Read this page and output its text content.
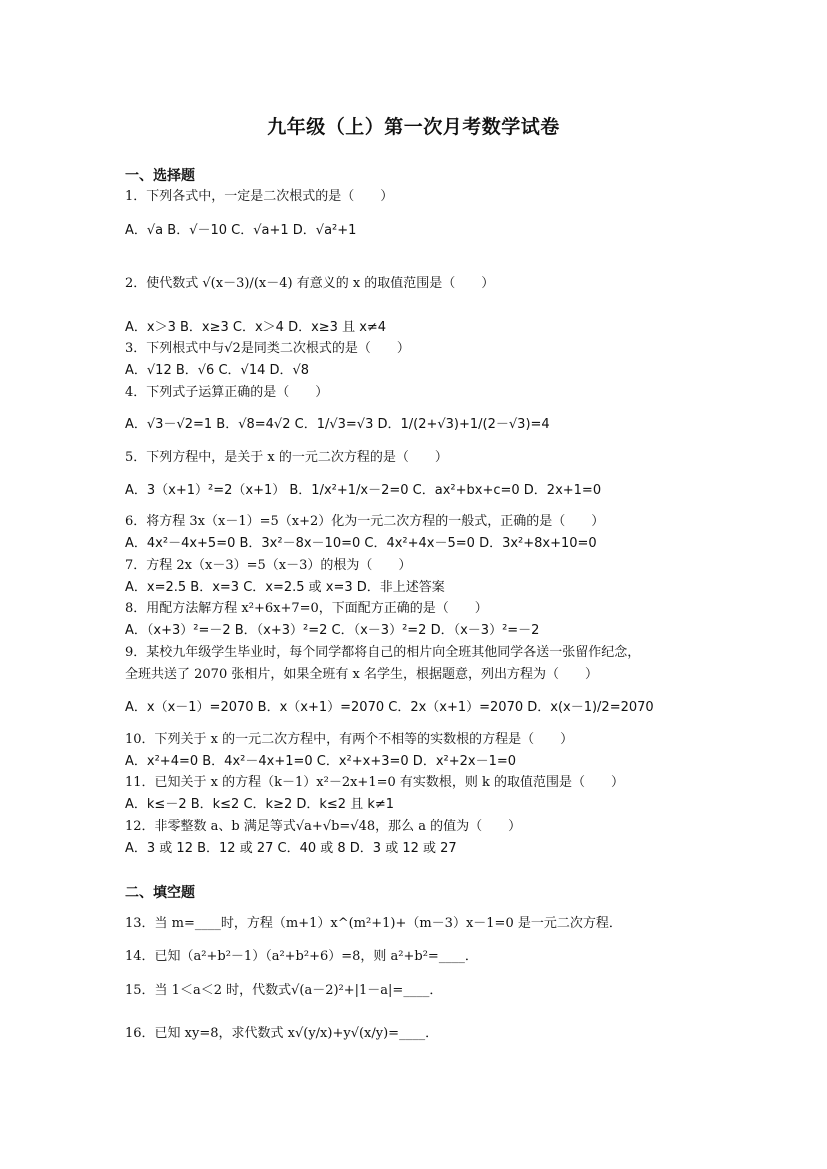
九年级（上）第一次月考数学试卷
一、选择题
1．下列各式中，一定是二次根式的是（　　）
A．√a B．√－10 C．√a+1 D．√a²+1
2．使代数式 √(x－3)/(x－4) 有意义的 x 的取值范围是（　　）
A．x＞3 B．x≥3 C．x＞4 D．x≥3 且 x≠4
3．下列根式中与√2是同类二次根式的是（　　）
A．√12 B．√6 C．√14 D．√8
4．下列式子运算正确的是（　　）
A．√3－√2=1 B．√8=4√2 C．1/√3=√3 D．1/(2+√3)+1/(2－√3)=4
5．下列方程中，是关于 x 的一元二次方程的是（　　）
A．3（x+1）²=2（x+1） B．1/x²+1/x－2=0 C．ax²+bx+c=0 D．2x+1=0
6．将方程 3x（x－1）=5（x+2）化为一元二次方程的一般式，正确的是（　　）
A．4x²－4x+5=0 B．3x²－8x－10=0 C．4x²+4x－5=0 D．3x²+8x+10=0
7．方程 2x（x－3）=5（x－3）的根为（　　）
A．x=2.5 B．x=3 C．x=2.5 或 x=3 D．非上述答案
8．用配方法解方程 x²+6x+7=0，下面配方正确的是（　　）
A．（x+3）²=－2 B．（x+3）²=2 C．（x－3）²=2 D．（x－3）²=－2
9．某校九年级学生毕业时，每个同学都将自己的相片向全班其他同学各送一张留作纪念，
全班共送了 2070 张相片，如果全班有 x 名学生，根据题意，列出方程为（　　）
A．x（x－1）=2070 B．x（x+1）=2070 C．2x（x+1）=2070 D．x(x－1)/2=2070
10．下列关于 x 的一元二次方程中，有两个不相等的实数根的方程是（　　）
A．x²+4=0 B．4x²－4x+1=0 C．x²+x+3=0 D．x²+2x－1=0
11．已知关于 x 的方程（k－1）x²－2x+1=0 有实数根，则 k 的取值范围是（　　）
A．k≤－2 B．k≤2 C．k≥2 D．k≤2 且 k≠1
12．非零整数 a、b 满足等式√a+√b=√48，那么 a 的值为（　　）
A．3 或 12 B．12 或 27 C．40 或 8 D．3 或 12 或 27
二、填空题
13．当 m=____时，方程（m+1）x^(m²+1)+（m－3）x－1=0 是一元二次方程．
14．已知（a²+b²－1）（a²+b²+6）=8，则 a²+b²=____．
15．当 1＜a＜2 时，代数式√(a－2)²+|1－a|=____．
16．已知 xy=8，求代数式 x√(y/x)+y√(x/y)=____．
